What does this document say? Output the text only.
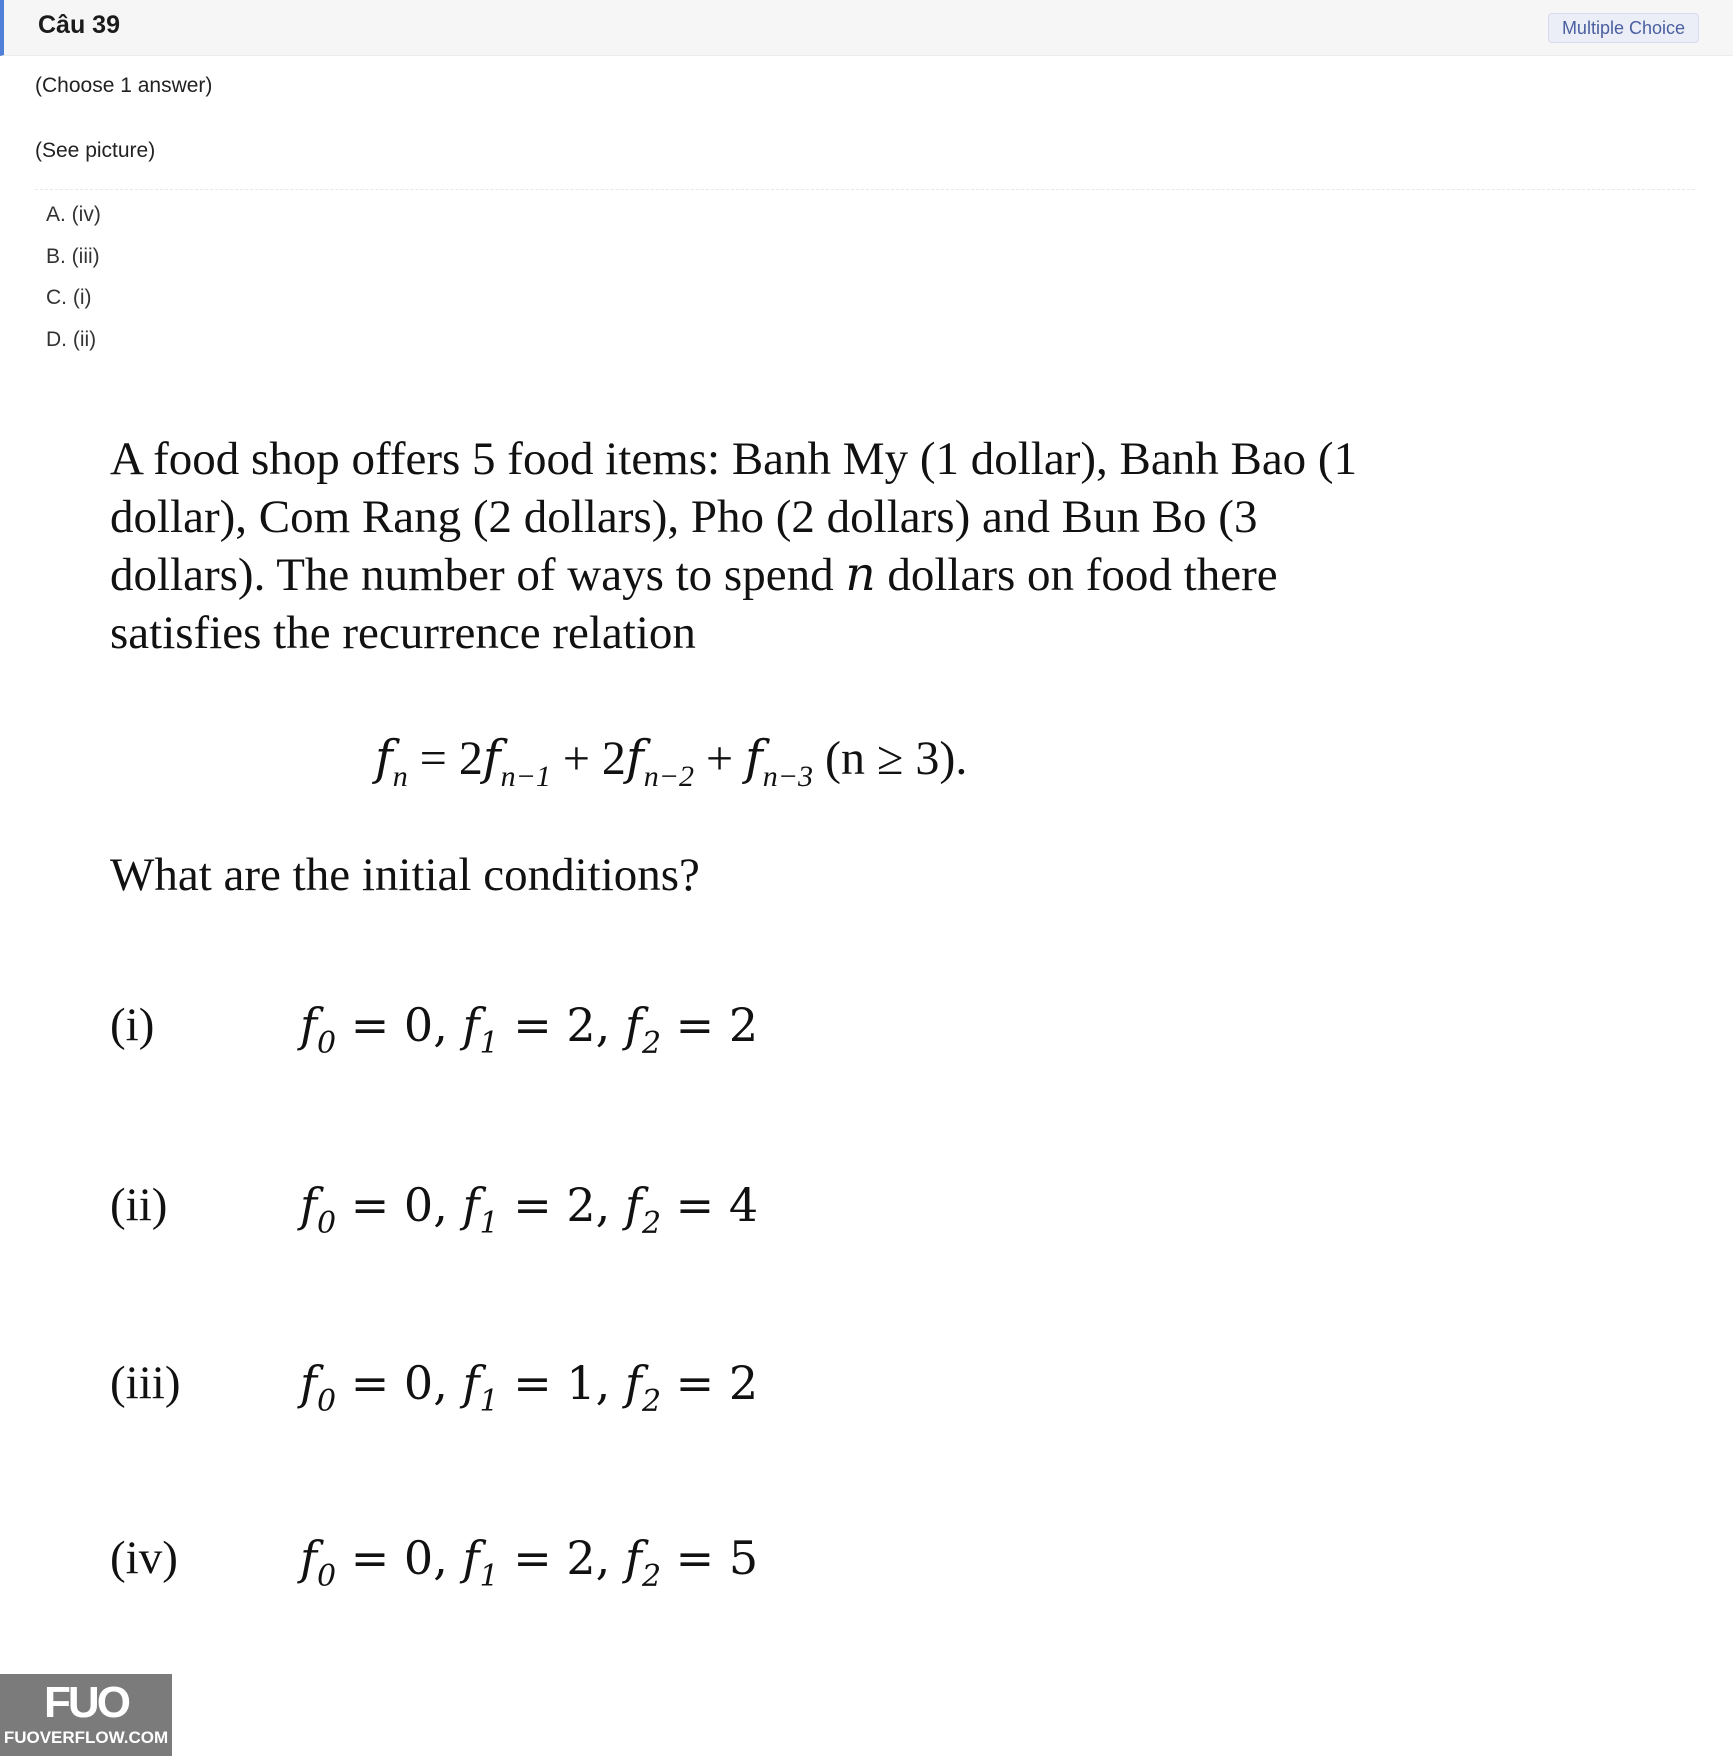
Câu 39	Multiple Choice
(Choose 1 answer)
(See picture)
A. (iv)
B. (iii)
C. (i)
D. (ii)

A food shop offers 5 food items: Banh My (1 dollar), Banh Bao (1 dollar), Com Rang (2 dollars), Pho (2 dollars) and Bun Bo (3 dollars). The number of ways to spend n dollars on food there satisfies the recurrence relation

$f_n = 2f_{n-1} + 2f_{n-2} + f_{n-3}$ (n ≥ 3).
What are the initial conditions?
(i)	$f_0 = 0$, $f_1 = 2$, $f_2 = 2$
(ii)	$f_0 = 0$, $f_1 = 2$, $f_2 = 4$
(iii)	$f_0 = 0$, $f_1 = 1$, $f_2 = 2$
(iv)	$f_0 = 0$, $f_1 = 2$, $f_2 = 5$
FUO
FUOVERFLOW.COM
